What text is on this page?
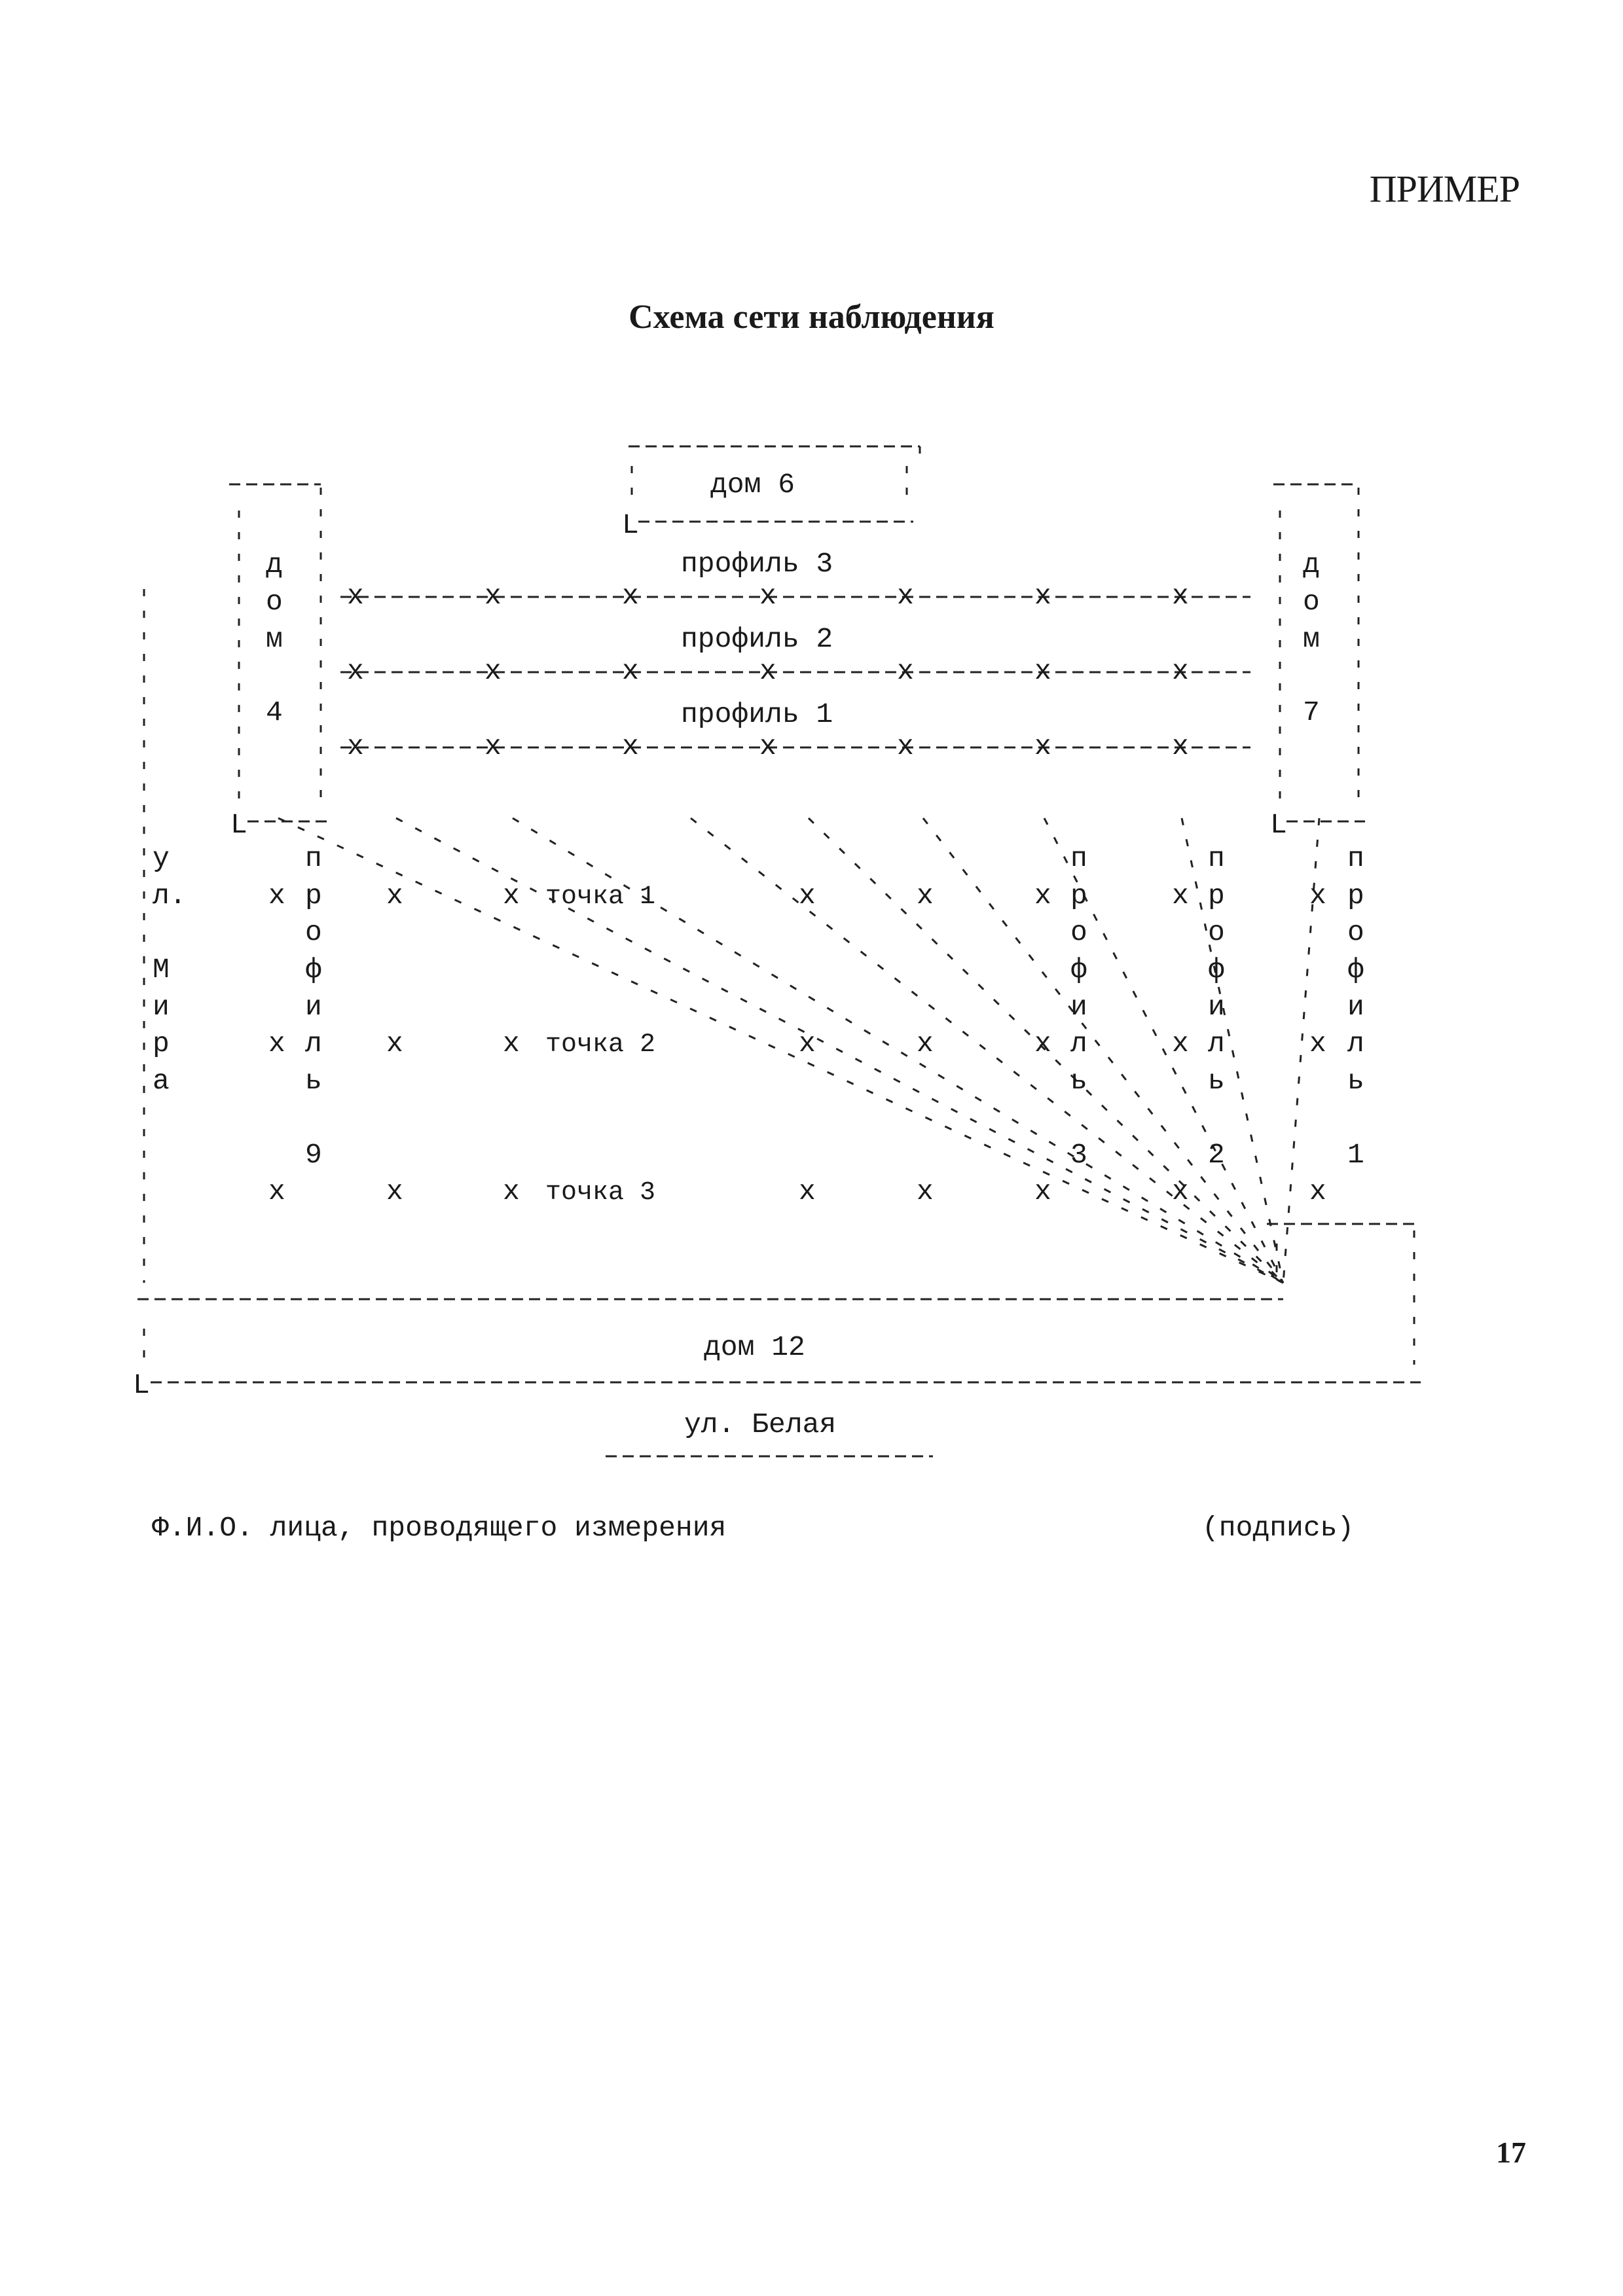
ПРИМЕР
Схема сети наблюдения
дом 6
профиль 3
профиль 2
профиль 1
д
о
м
4
д
о
м
7
у
л.
М
и
р
а
п
р
о
ф
и
л
ь
9
п
р
о
ф
и
л
ь
3
п
р
о
ф
и
л
ь
2
п
р
о
ф
и
л
ь
1
точка 1
точка 2
точка 3
дом 12
ул. Белая
L
L	L
L
x	x	x	x	x	x	x
x	x	x	x	x	x	x
x	x	x	x	x	x	x
x	x	x	x	x	x	x	x
x	x	x	x	x	x	x	x
x	x	x	x	x	x	x	x
Ф.И.О. лица, проводящего измерения	(подпись)
17
